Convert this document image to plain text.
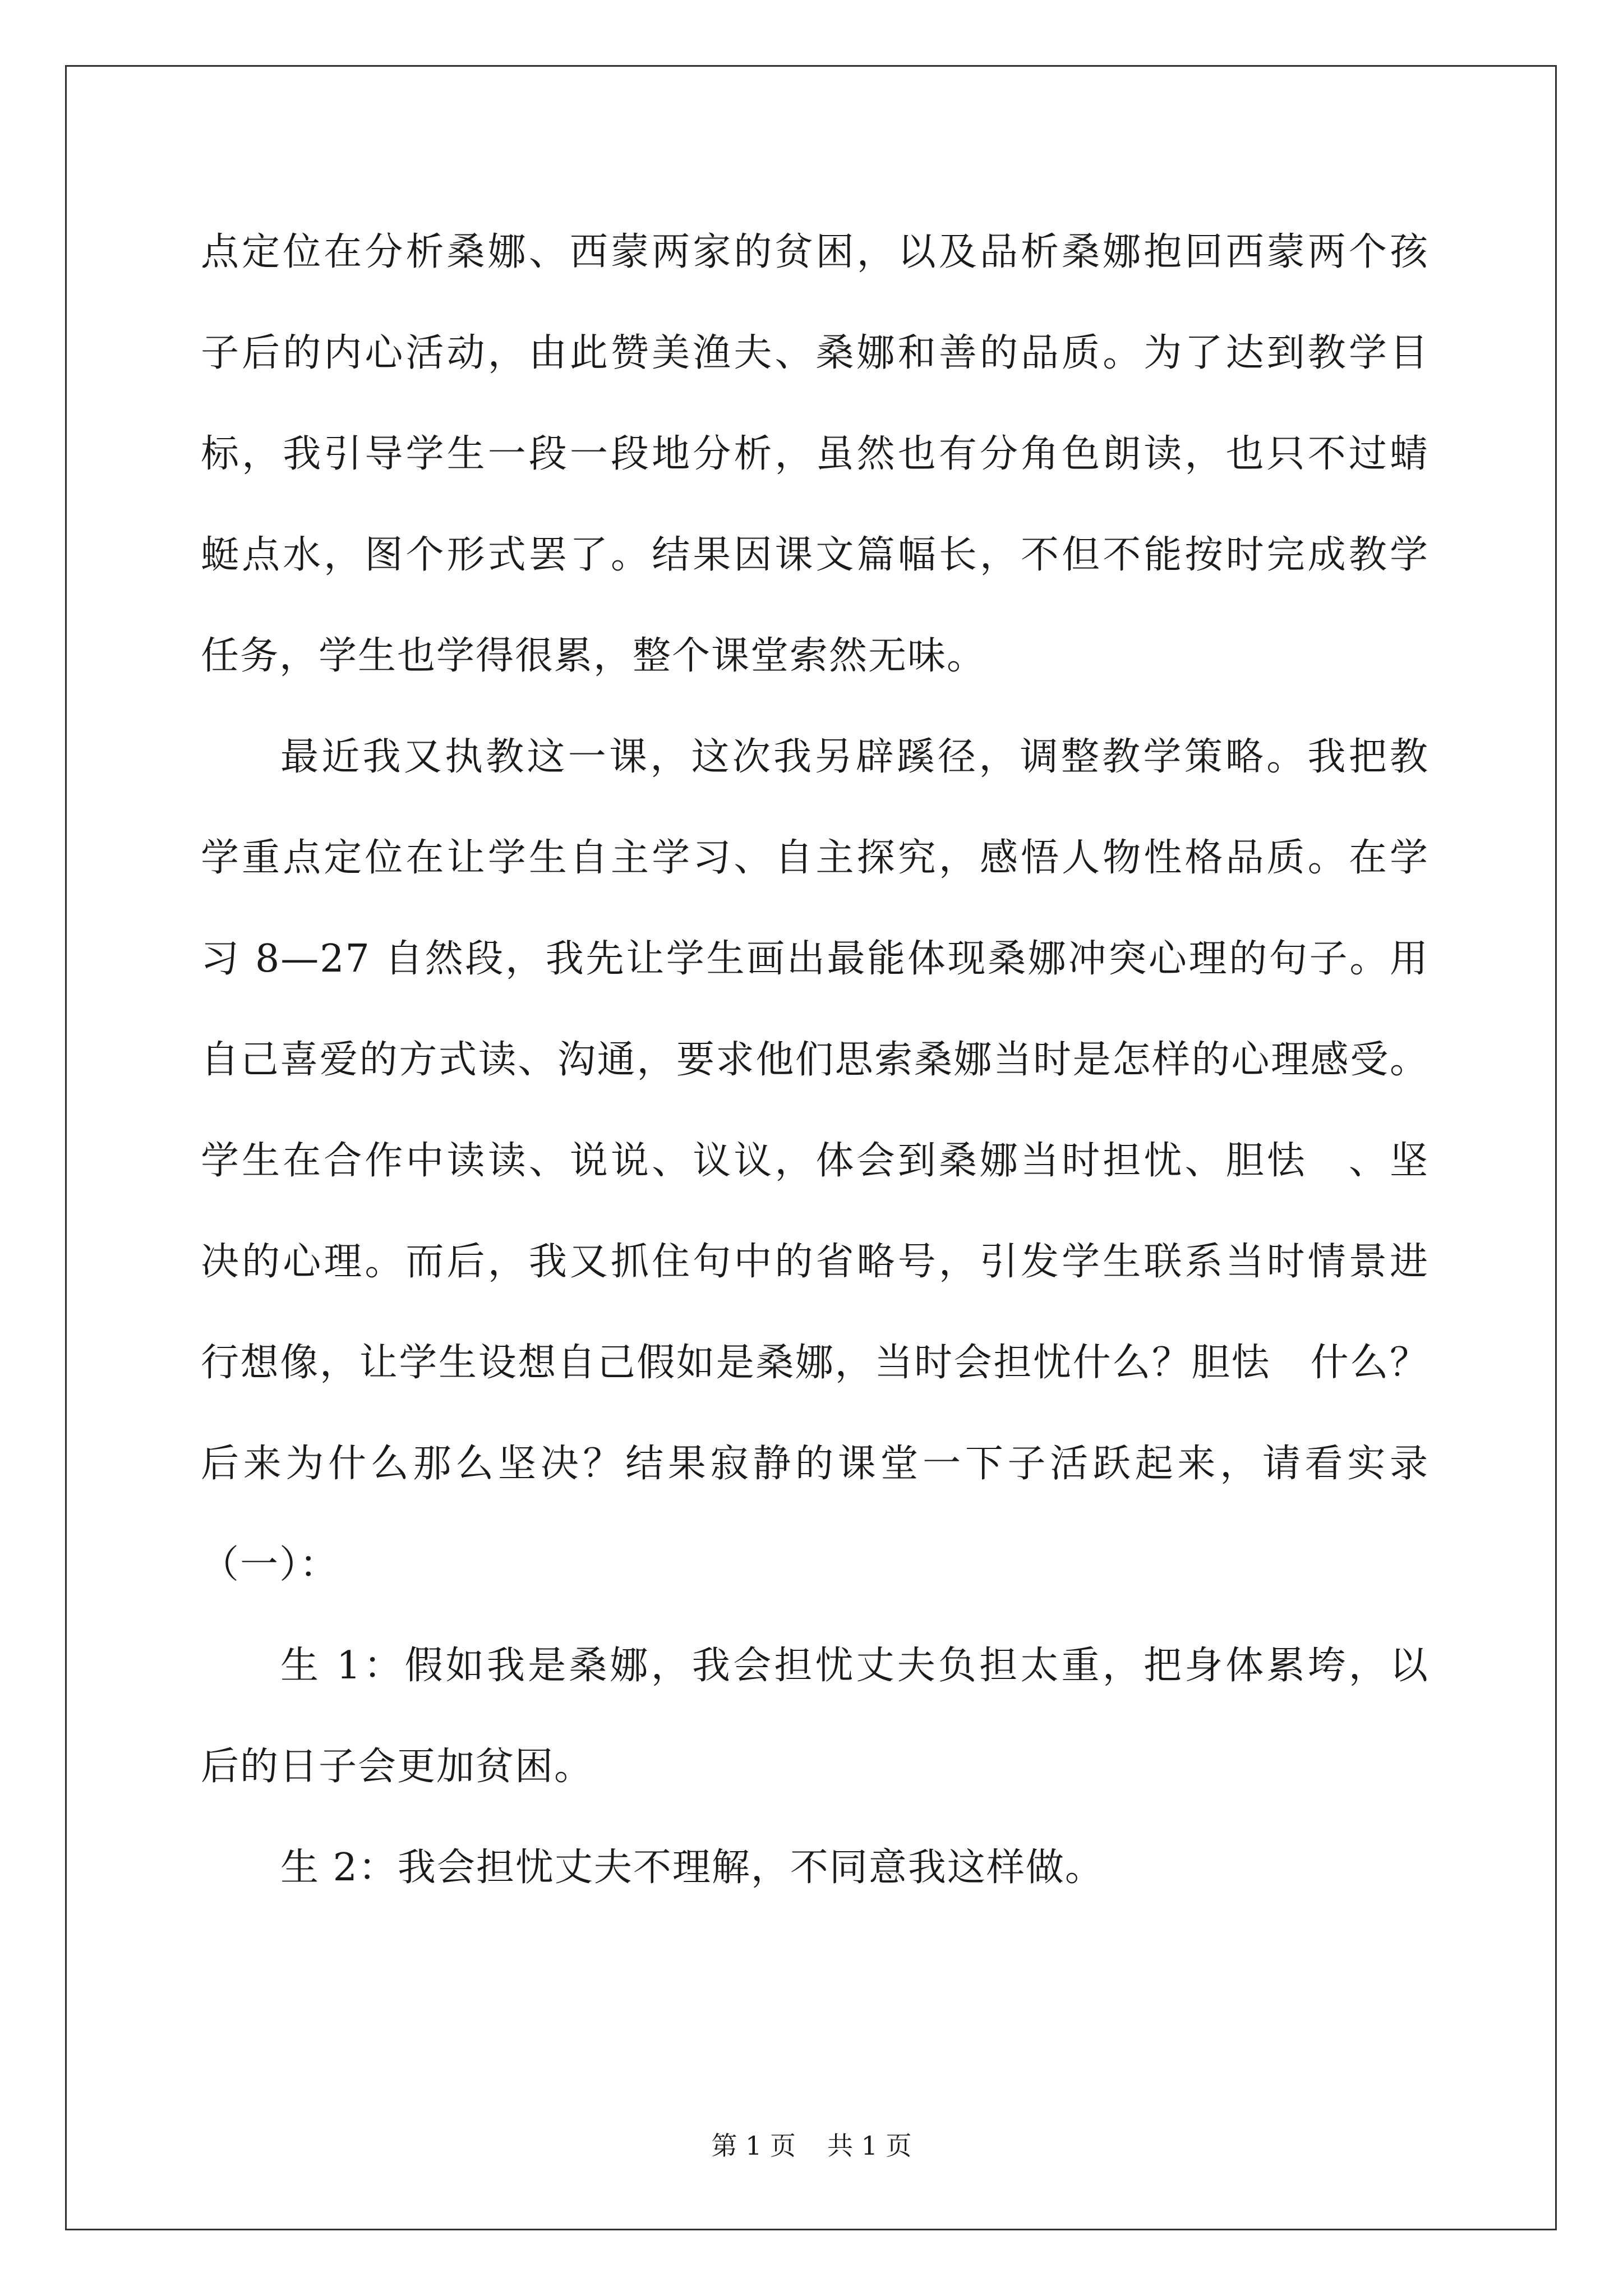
点定位在分析桑娜、西蒙两家的贫困，以及品析桑娜抱回西蒙两个孩
子后的内心活动，由此赞美渔夫、桑娜和善的品质。为了达到教学目
标，我引导学生一段一段地分析，虽然也有分角色朗读，也只不过蜻
蜓点水，图个形式罢了。结果因课文篇幅长，不但不能按时完成教学
任务，学生也学得很累，整个课堂索然无味。
最近我又执教这一课，这次我另辟蹊径，调整教学策略。我把教
学重点定位在让学生自主学习、自主探究，感悟人物性格品质。在学
习 8—27 自然段，我先让学生画出最能体现桑娜冲突心理的句子。用
自己喜爱的方式读、沟通，要求他们思索桑娜当时是怎样的心理感受。
学生在合作中读读、说说、议议，体会到桑娜当时担忧、胆怯　、坚
决的心理。而后，我又抓住句中的省略号，引发学生联系当时情景进
行想像，让学生设想自己假如是桑娜，当时会担忧什么？胆怯　什么？
后来为什么那么坚决？结果寂静的课堂一下子活跃起来，请看实录
（一）：
生 1：假如我是桑娜，我会担忧丈夫负担太重，把身体累垮，以
后的日子会更加贫困。
生 2：我会担忧丈夫不理解，不同意我这样做。
第 1 页 共 1 页
